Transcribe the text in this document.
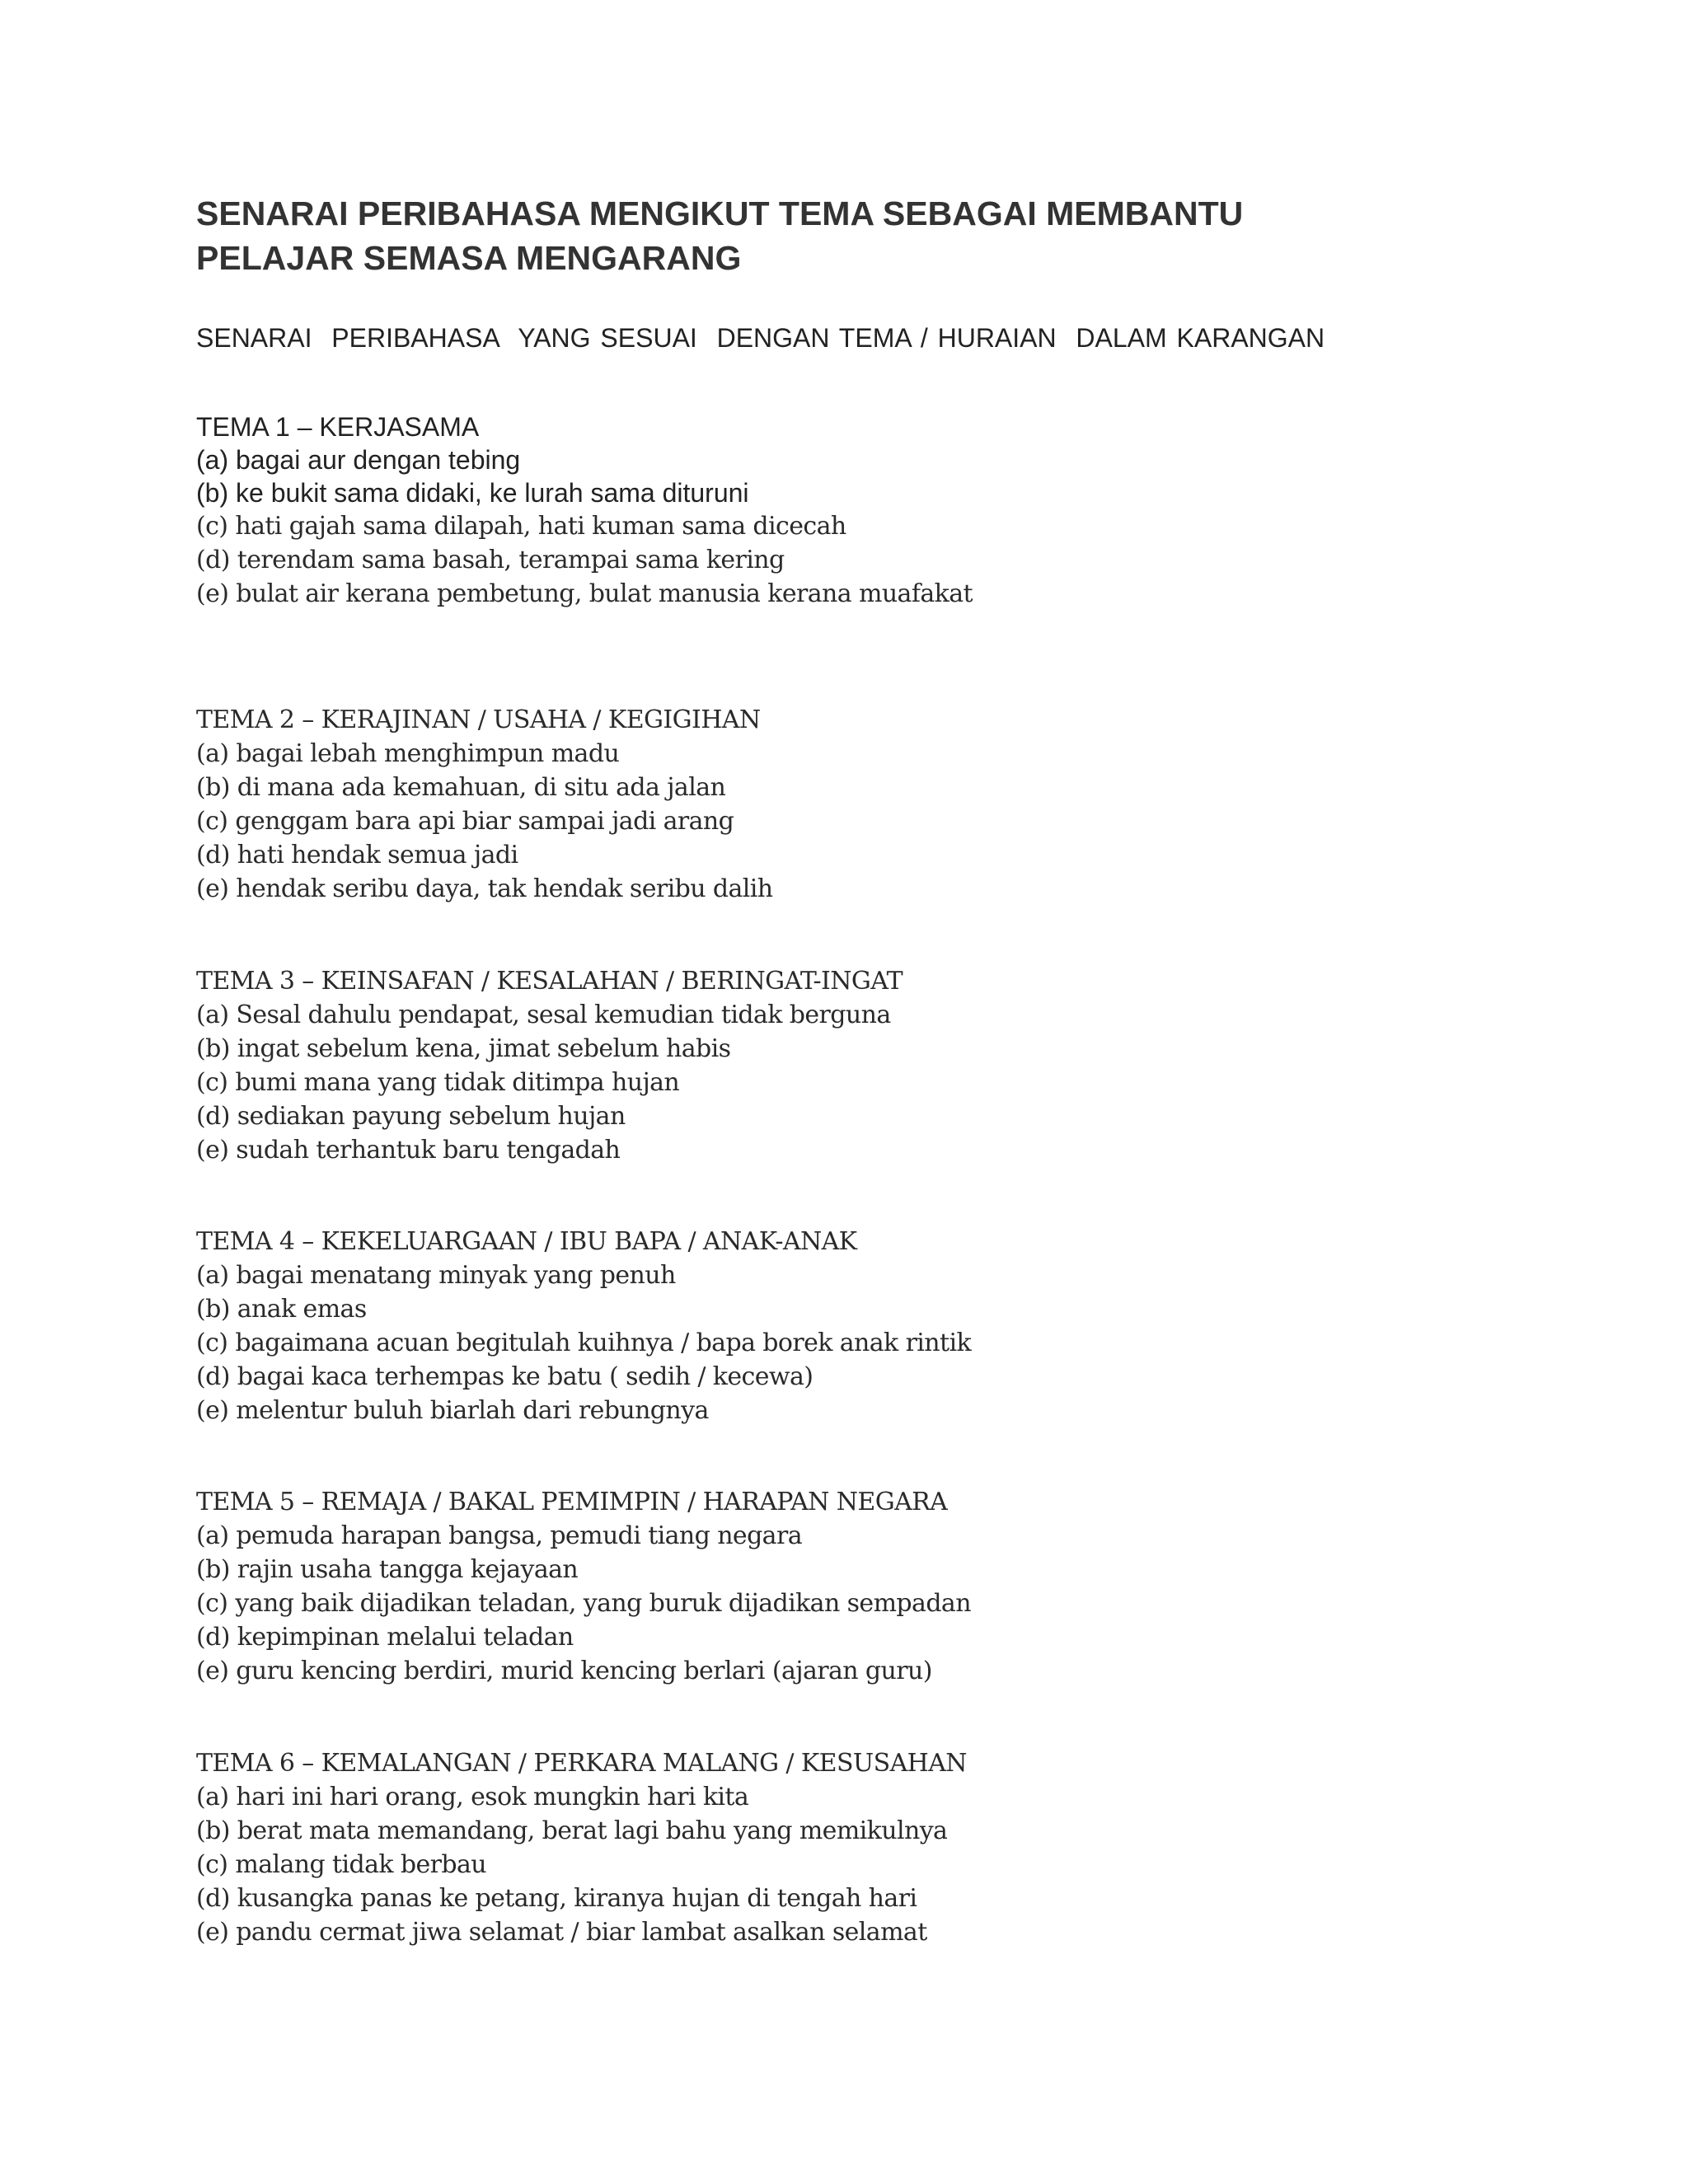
SENARAI PERIBAHASA MENGIKUT TEMA SEBAGAI MEMBANTU
PELAJAR SEMASA MENGARANG

SENARAI  PERIBAHASA  YANG SESUAI  DENGAN TEMA / HURAIAN  DALAM KARANGAN

TEMA 1 – KERJASAMA
(a) bagai aur dengan tebing
(b) ke bukit sama didaki, ke lurah sama dituruni
(c) hati gajah sama dilapah, hati kuman sama dicecah
(d) terendam sama basah, terampai sama kering
(e) bulat air kerana pembetung, bulat manusia kerana muafakat
TEMA 2 – KERAJINAN / USAHA / KEGIGIHAN
(a) bagai lebah menghimpun madu
(b) di mana ada kemahuan, di situ ada jalan
(c) genggam bara api biar sampai jadi arang
(d) hati hendak semua jadi
(e) hendak seribu daya, tak hendak seribu dalih
TEMA 3 – KEINSAFAN / KESALAHAN / BERINGAT-INGAT
(a) Sesal dahulu pendapat, sesal kemudian tidak berguna
(b) ingat sebelum kena, jimat sebelum habis
(c) bumi mana yang tidak ditimpa hujan
(d) sediakan payung sebelum hujan
(e) sudah terhantuk baru tengadah
TEMA 4 – KEKELUARGAAN / IBU BAPA / ANAK-ANAK
(a) bagai menatang minyak yang penuh
(b) anak emas
(c) bagaimana acuan begitulah kuihnya / bapa borek anak rintik
(d) bagai kaca terhempas ke batu ( sedih / kecewa)
(e) melentur buluh biarlah dari rebungnya
TEMA 5 – REMAJA / BAKAL PEMIMPIN / HARAPAN NEGARA
(a) pemuda harapan bangsa, pemudi tiang negara
(b) rajin usaha tangga kejayaan
(c) yang baik dijadikan teladan, yang buruk dijadikan sempadan
(d) kepimpinan melalui teladan
(e) guru kencing berdiri, murid kencing berlari (ajaran guru)
TEMA 6 – KEMALANGAN / PERKARA MALANG / KESUSAHAN
(a) hari ini hari orang, esok mungkin hari kita
(b) berat mata memandang, berat lagi bahu yang memikulnya
(c) malang tidak berbau
(d) kusangka panas ke petang, kiranya hujan di tengah hari
(e) pandu cermat jiwa selamat / biar lambat asalkan selamat
